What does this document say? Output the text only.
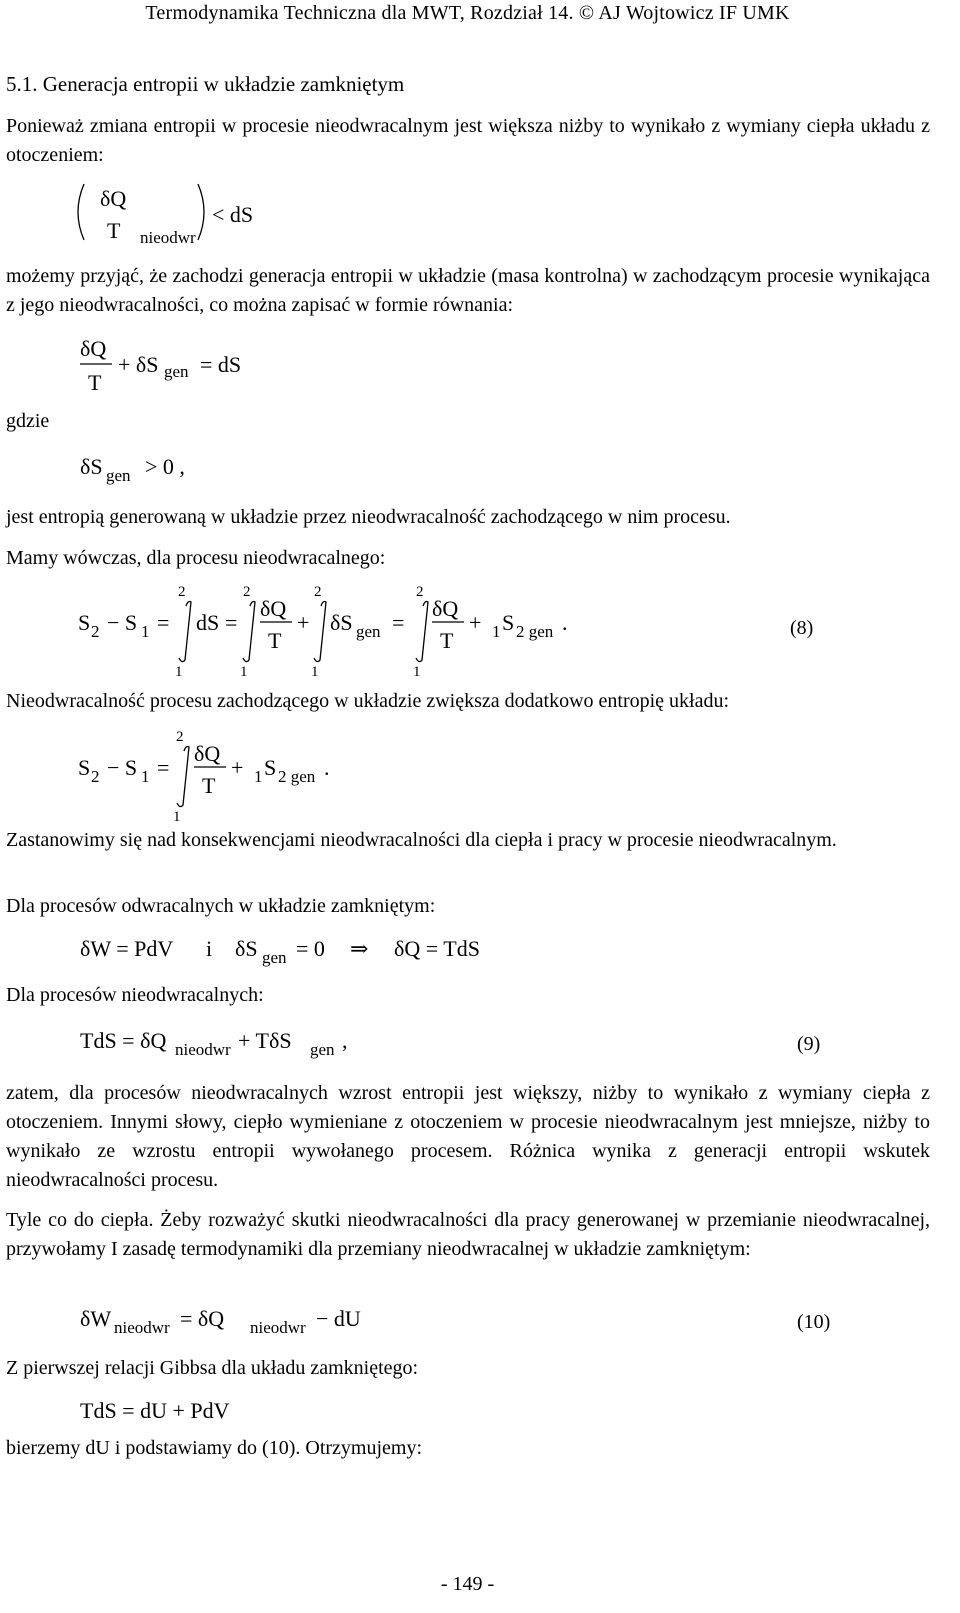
Termodynamika Techniczna dla MWT, Rozdział 14. © AJ Wojtowicz IF UMK
5.1. Generacja entropii w układzie zamkniętym
Ponieważ zmiana entropii w procesie nieodwracalnym jest większa niżby to wynikało z wymiany ciepła układu z otoczeniem:
δQ
T nieodwr
< dS
możemy przyjąć, że zachodzi generacja entropii w układzie (masa kontrolna) w zachodzącym procesie wynikająca z jego nieodwracalności, co można zapisać w formie równania:
δQ
T
+ δS gen = dS
gdzie
δS gen > 0 ,
jest entropią generowaną w układzie przez nieodwracalność zachodzącego w nim procesu.
Mamy wówczas, dla procesu nieodwracalnego:
S 2 − S 1 =
2
1
dS =
2
1
δQ
T
+
2
1
δS gen =
2
1
δQ
T
+ 1 S 2 gen .	(8)
Nieodwracalność procesu zachodzącego w układzie zwiększa dodatkowo entropię układu:
S 2 − S 1 =
2
1
δQ
T
+ 1 S 2 gen .
Zastanowimy się nad konsekwencjami nieodwracalności dla ciepła i pracy w procesie nieodwracalnym.
Dla procesów odwracalnych w układzie zamkniętym:
δW = PdV i δS gen = 0 ⇒ δQ = TdS
Dla procesów nieodwracalnych:
TdS = δQ nieodwr + TδS gen ,	(9)
zatem, dla procesów nieodwracalnych wzrost entropii jest większy, niżby to wynikało z wymiany ciepła z otoczeniem. Innymi słowy, ciepło wymieniane z otoczeniem w procesie nieodwracalnym jest mniejsze, niżby to wynikało ze wzrostu entropii wywołanego procesem. Różnica wynika z generacji entropii wskutek nieodwracalności procesu.
Tyle co do ciepła. Żeby rozważyć skutki nieodwracalności dla pracy generowanej w przemianie nieodwracalnej, przywołamy I zasadę termodynamiki dla przemiany nieodwracalnej w układzie zamkniętym:
δW nieodwr = δQ nieodwr − dU	(10)
Z pierwszej relacji Gibbsa dla układu zamkniętego:
TdS = dU + PdV
bierzemy dU i podstawiamy do (10). Otrzymujemy:
- 149 -
